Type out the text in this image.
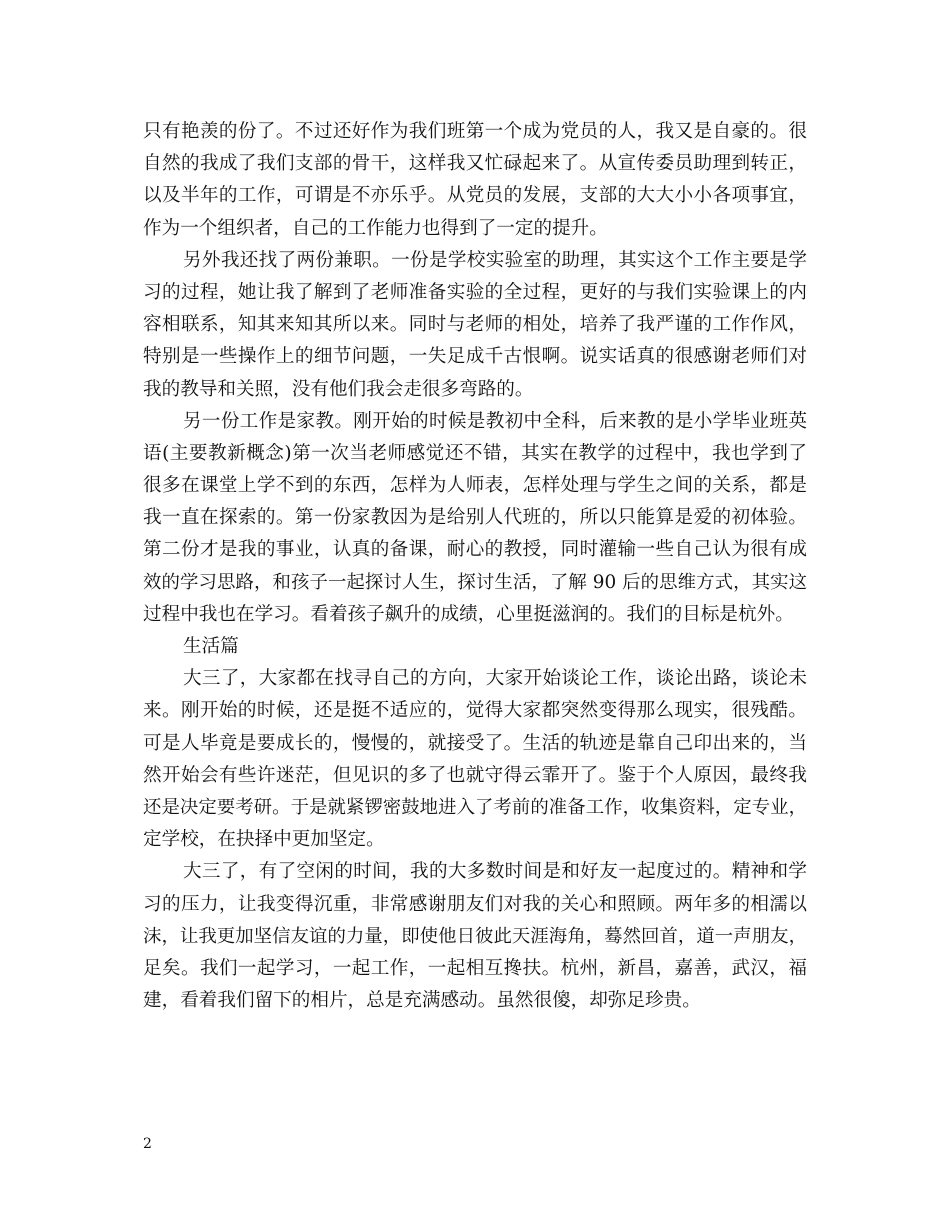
只有艳羡的份了。不过还好作为我们班第一个成为党员的人，我又是自豪的。很
自然的我成了我们支部的骨干，这样我又忙碌起来了。从宣传委员助理到转正，
以及半年的工作，可谓是不亦乐乎。从党员的发展，支部的大大小小各项事宜，
作为一个组织者，自己的工作能力也得到了一定的提升。
另外我还找了两份兼职。一份是学校实验室的助理，其实这个工作主要是学
习的过程，她让我了解到了老师准备实验的全过程，更好的与我们实验课上的内
容相联系，知其来知其所以来。同时与老师的相处，培养了我严谨的工作作风，
特别是一些操作上的细节问题，一失足成千古恨啊。说实话真的很感谢老师们对
我的教导和关照，没有他们我会走很多弯路的。
另一份工作是家教。刚开始的时候是教初中全科，后来教的是小学毕业班英
语(主要教新概念)第一次当老师感觉还不错，其实在教学的过程中，我也学到了
很多在课堂上学不到的东西，怎样为人师表，怎样处理与学生之间的关系，都是
我一直在探索的。第一份家教因为是给别人代班的，所以只能算是爱的初体验。
第二份才是我的事业，认真的备课，耐心的教授，同时灌输一些自己认为很有成
效的学习思路，和孩子一起探讨人生，探讨生活，了解 90 后的思维方式，其实这
过程中我也在学习。看着孩子飙升的成绩，心里挺滋润的。我们的目标是杭外。
生活篇
大三了，大家都在找寻自己的方向，大家开始谈论工作，谈论出路，谈论未
来。刚开始的时候，还是挺不适应的，觉得大家都突然变得那么现实，很残酷。
可是人毕竟是要成长的，慢慢的，就接受了。生活的轨迹是靠自己印出来的，当
然开始会有些许迷茫，但见识的多了也就守得云霏开了。鉴于个人原因，最终我
还是决定要考研。于是就紧锣密鼓地进入了考前的准备工作，收集资料，定专业，
定学校，在抉择中更加坚定。
大三了，有了空闲的时间，我的大多数时间是和好友一起度过的。精神和学
习的压力，让我变得沉重，非常感谢朋友们对我的关心和照顾。两年多的相濡以
沫，让我更加坚信友谊的力量，即使他日彼此天涯海角，蓦然回首，道一声朋友，
足矣。我们一起学习，一起工作，一起相互搀扶。杭州，新昌，嘉善，武汉，福
建，看着我们留下的相片，总是充满感动。虽然很傻，却弥足珍贵。
2
